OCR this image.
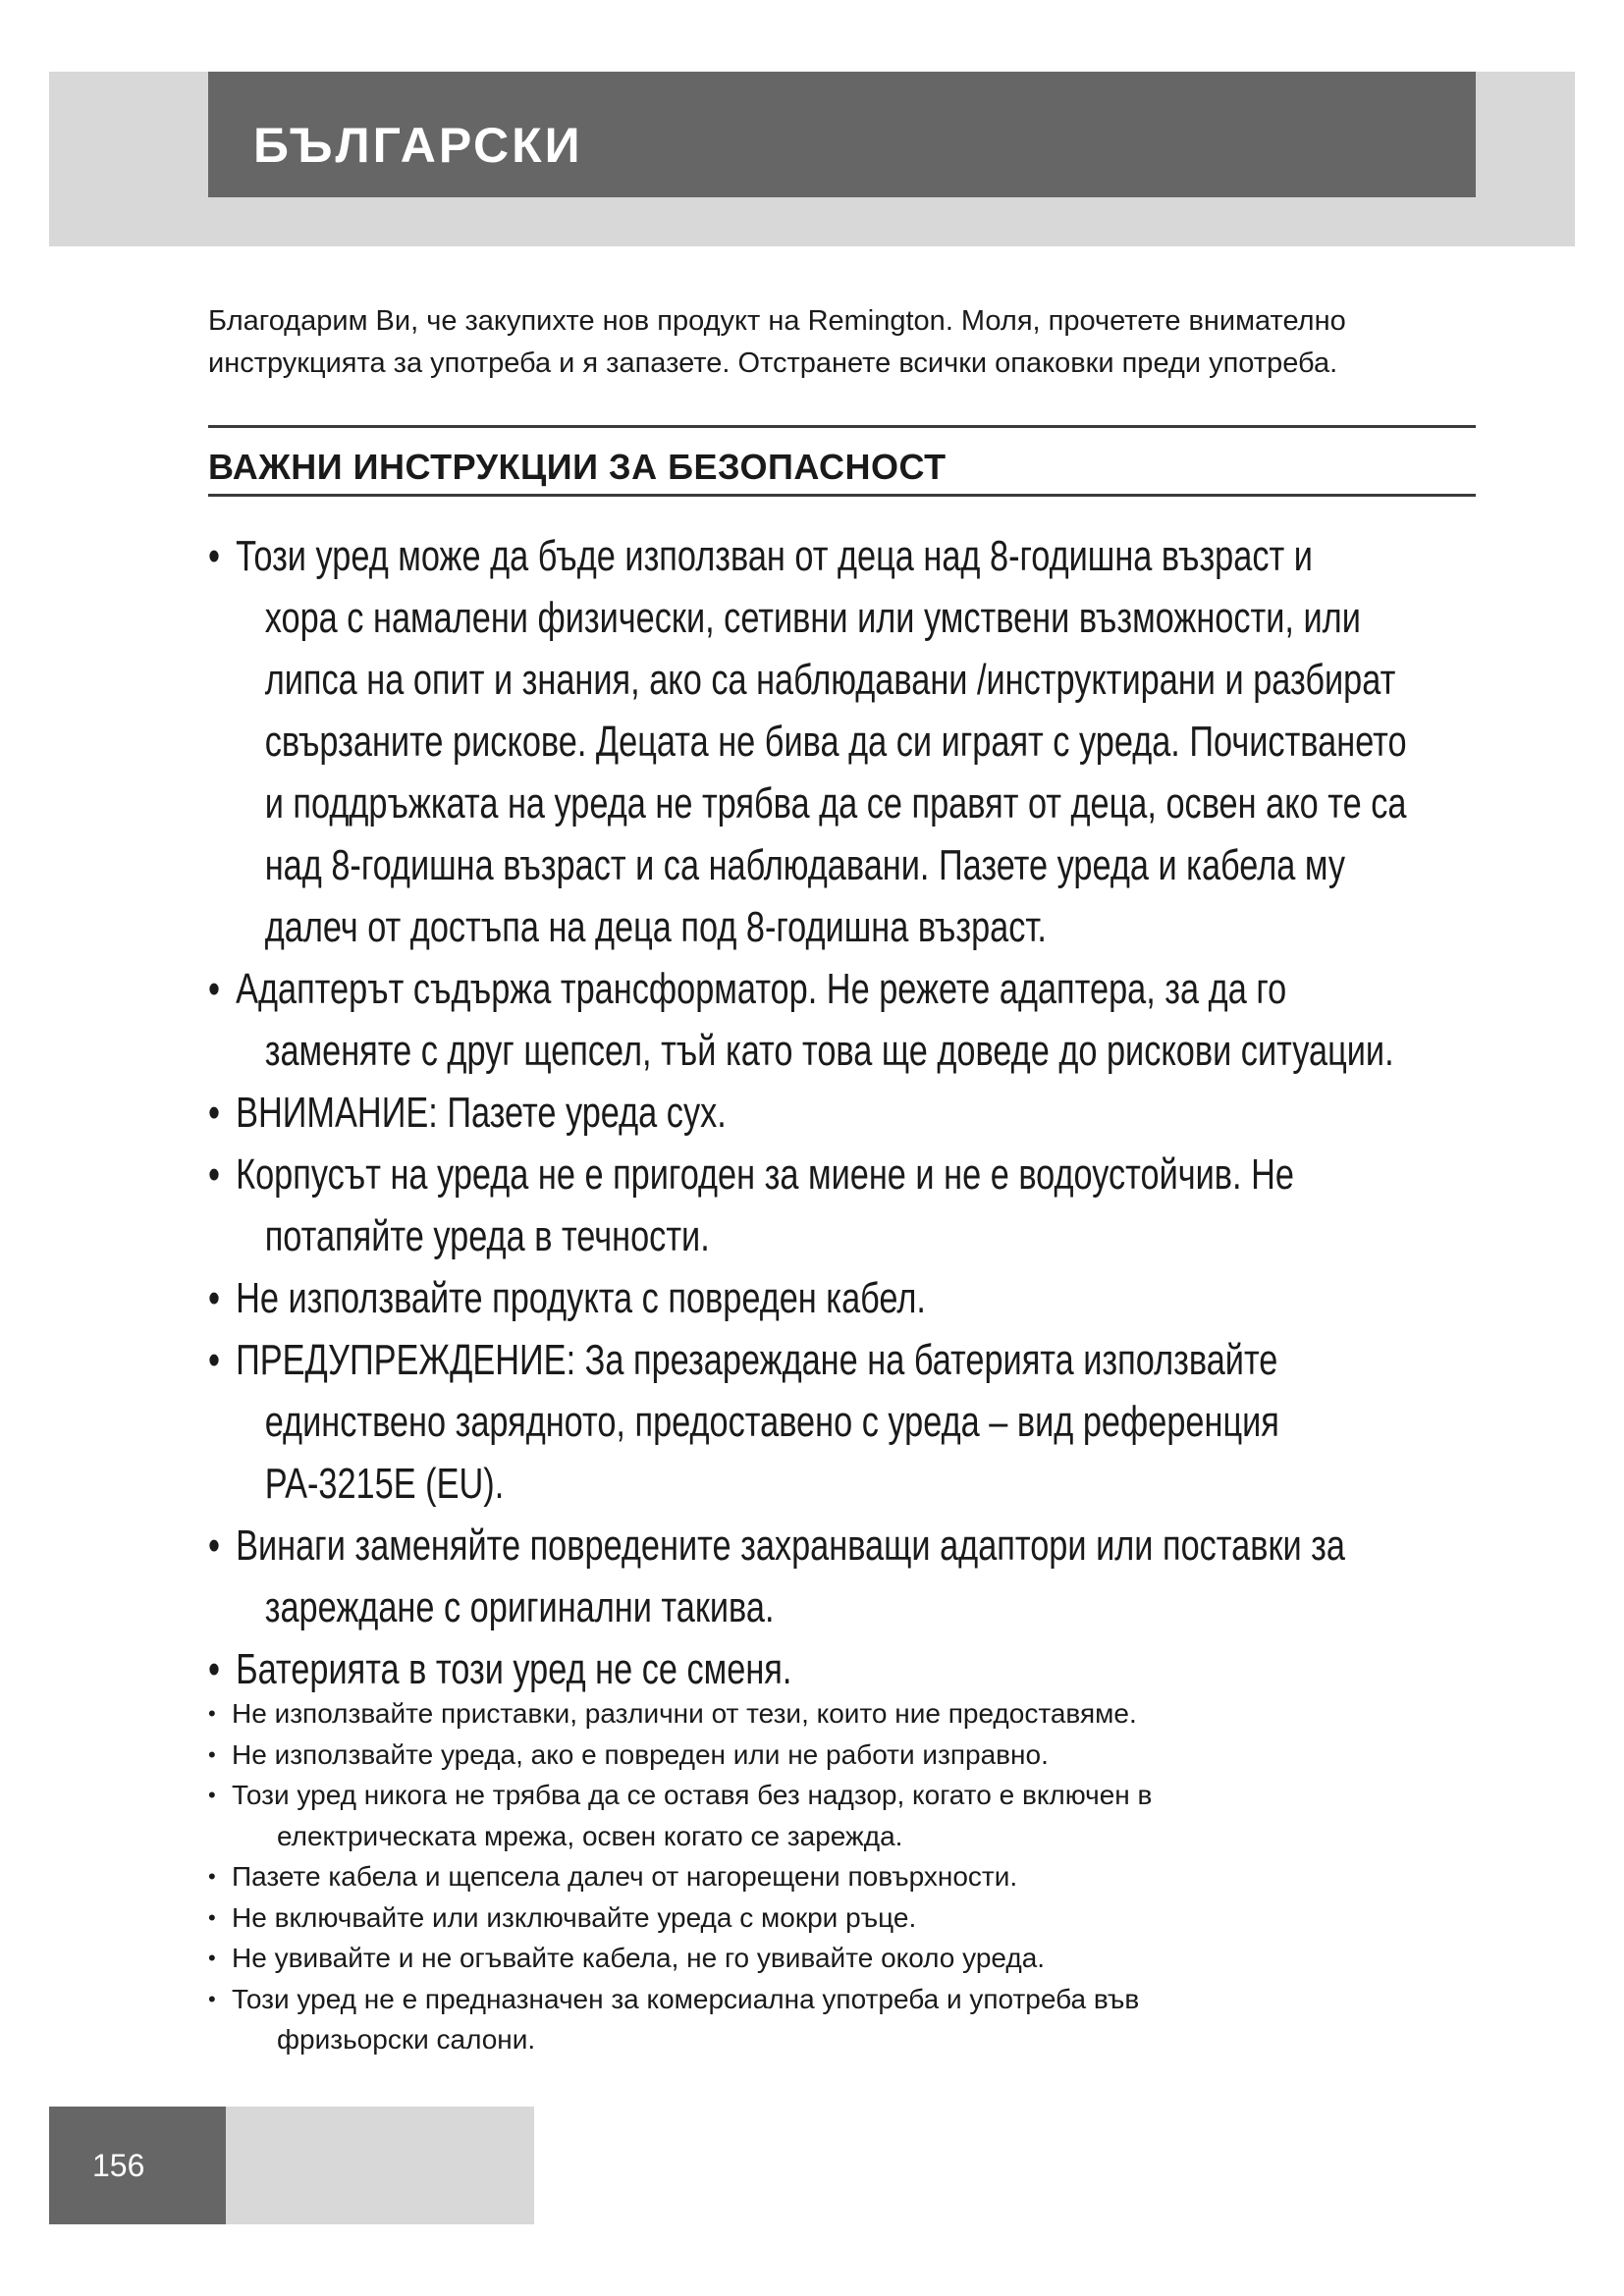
БЪЛГАРСКИ

Благодарим Ви, че закупихте нов продукт на Remington. Моля, прочетете внимателно
инструкцията за употреба и я запазете. Отстранете всички опаковки преди употреба.

ВАЖНИ ИНСТРУКЦИИ ЗА БЕЗОПАСНОСТ
• Този уред може да бъде използван от деца над 8-годишна възраст и
хора с намалени физически, сетивни или умствени възможности, или
липса на опит и знания, ако са наблюдавани /инструктирани и разбират
свързаните рискове. Децата не бива да си играят с уреда. Почистването
и поддръжката на уреда не трябва да се правят от деца, освен ако те са
над 8-годишна възраст и са наблюдавани. Пазете уреда и кабела му
далеч от достъпа на деца под 8-годишна възраст.
• Адаптерът съдържа трансформатор. Не режете адаптера, за да го
заменяте с друг щепсел, тъй като това ще доведе до рискови ситуации.
• ВНИМАНИЕ: Пазете уреда сух.
• Корпусът на уреда не е пригоден за миене и не е водоустойчив. Не
потапяйте уреда в течности.
• Не използвайте продукта с повреден кабел.
• ПРЕДУПРЕЖДЕНИЕ: За презареждане на батерията използвайте
единствено зарядното, предоставено с уреда – вид референция
PA-3215E (EU).
• Винаги заменяйте повредените захранващи адаптори или поставки за
зареждане с оригинални такива.
• Батерията в този уред не се сменя.
• Не използвайте приставки, различни от тези, които ние предоставяме.
• Не използвайте уреда, ако е повреден или не работи изправно.
• Този уред никога не трябва да се оставя без надзор, когато е включен в
електрическата мрежа, освен когато се зарежда.
• Пазете кабела и щепсела далеч от нагорещени повърхности.
• Не включвайте или изключвайте уреда с мокри ръце.
• Не увивайте и не огъвайте кабела, не го увивайте около уреда.
• Този уред не е предназначен за комерсиална употреба и употреба във
фризьорски салони.
156
